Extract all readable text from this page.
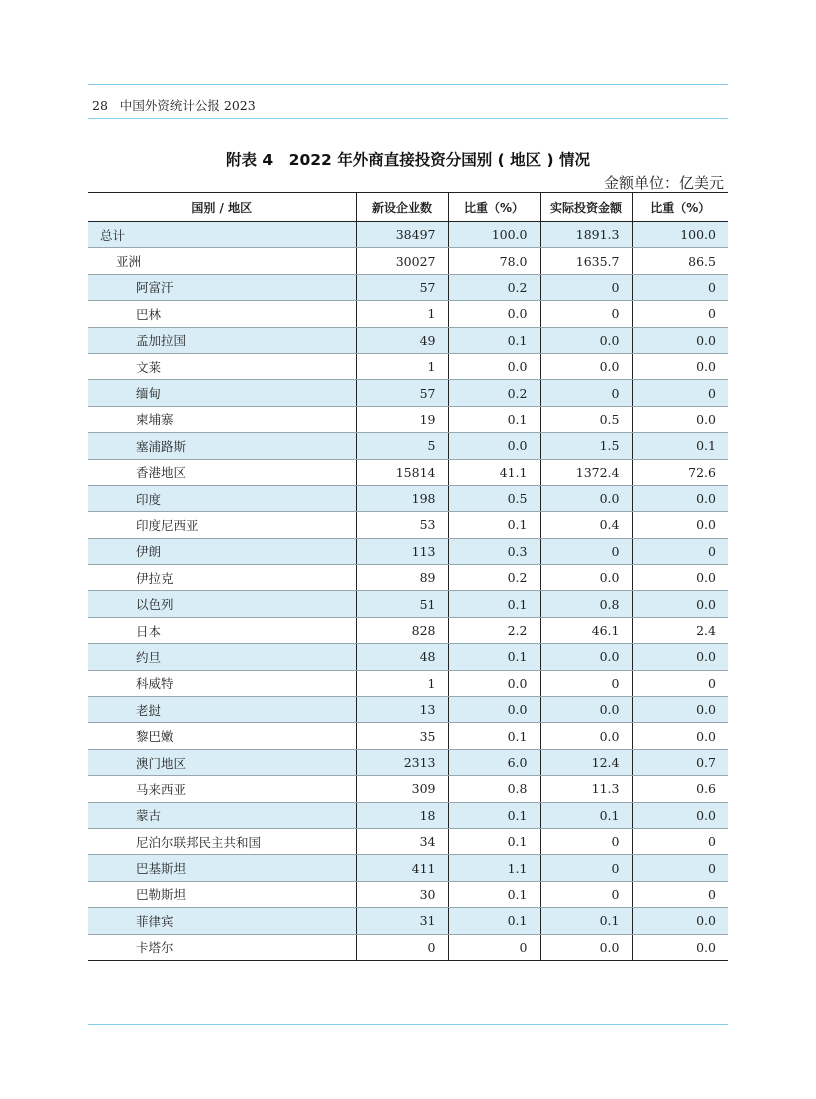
28 中国外资统计公报 2023
附表 4　2022 年外商直接投资分国别 ( 地区 ) 情况
金额单位：亿美元
国别 / 地区	新设企业数	比重（%）	实际投资金额	比重（%）
总计	38497	100.0	1891.3	100.0
亚洲	30027	78.0	1635.7	86.5
阿富汗	57	0.2	0	0
巴林	1	0.0	0	0
孟加拉国	49	0.1	0.0	0.0
文莱	1	0.0	0.0	0.0
缅甸	57	0.2	0	0
柬埔寨	19	0.1	0.5	0.0
塞浦路斯	5	0.0	1.5	0.1
香港地区	15814	41.1	1372.4	72.6
印度	198	0.5	0.0	0.0
印度尼西亚	53	0.1	0.4	0.0
伊朗	113	0.3	0	0
伊拉克	89	0.2	0.0	0.0
以色列	51	0.1	0.8	0.0
日本	828	2.2	46.1	2.4
约旦	48	0.1	0.0	0.0
科威特	1	0.0	0	0
老挝	13	0.0	0.0	0.0
黎巴嫩	35	0.1	0.0	0.0
澳门地区	2313	6.0	12.4	0.7
马来西亚	309	0.8	11.3	0.6
蒙古	18	0.1	0.1	0.0
尼泊尔联邦民主共和国	34	0.1	0	0
巴基斯坦	411	1.1	0	0
巴勒斯坦	30	0.1	0	0
菲律宾	31	0.1	0.1	0.0
卡塔尔	0	0	0.0	0.0
